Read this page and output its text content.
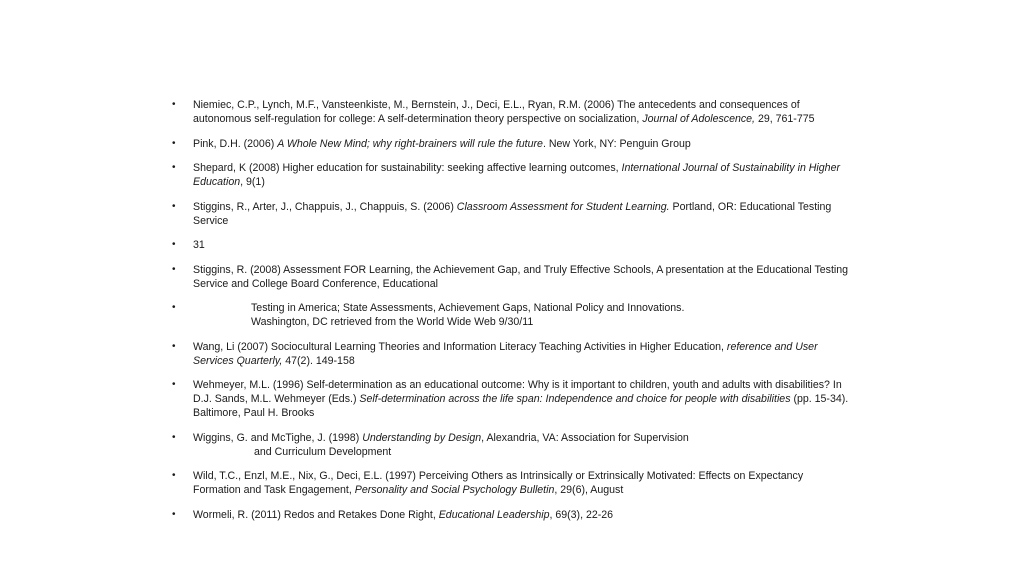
• Niemiec, C.P., Lynch, M.F., Vansteenkiste, M., Bernstein, J., Deci, E.L., Ryan, R.M. (2006) The antecedents and consequences of autonomous self-regulation for college: A self-determination theory perspective on socialization, Journal of Adolescence, 29, 761-775
• Pink, D.H. (2006) A Whole New Mind; why right-brainers will rule the future. New York, NY: Penguin Group
• Shepard, K (2008) Higher education for sustainability: seeking affective learning outcomes, International Journal of Sustainability in Higher Education, 9(1)
• Stiggins, R., Arter, J., Chappuis, J., Chappuis, S. (2006) Classroom Assessment for Student Learning. Portland, OR: Educational Testing Service
• 31
• Stiggins, R. (2008) Assessment FOR Learning, the Achievement Gap, and Truly Effective Schools, A presentation at the Educational Testing Service and College Board Conference, Educational
•	Testing in America; State Assessments, Achievement Gaps, National Policy and Innovations.
Washington, DC retrieved from the World Wide Web 9/30/11
• Wang, Li (2007) Sociocultural Learning Theories and Information Literacy Teaching Activities in Higher Education, reference and User Services Quarterly, 47(2). 149-158
• Wehmeyer, M.L. (1996) Self-determination as an educational outcome: Why is it important to children, youth and adults with disabilities? In D.J. Sands, M.L. Wehmeyer (Eds.) Self-determination across the life span: Independence and choice for people with disabilities (pp. 15-34). Baltimore, Paul H. Brooks
• Wiggins, G. and McTighe, J. (1998) Understanding by Design, Alexandria, VA: Association for Supervision
and Curriculum Development
• Wild, T.C., Enzl, M.E., Nix, G., Deci, E.L. (1997) Perceiving Others as Intrinsically or Extrinsically Motivated: Effects on Expectancy Formation and Task Engagement, Personality and Social Psychology Bulletin, 29(6), August
• Wormeli, R. (2011) Redos and Retakes Done Right, Educational Leadership, 69(3), 22-26
